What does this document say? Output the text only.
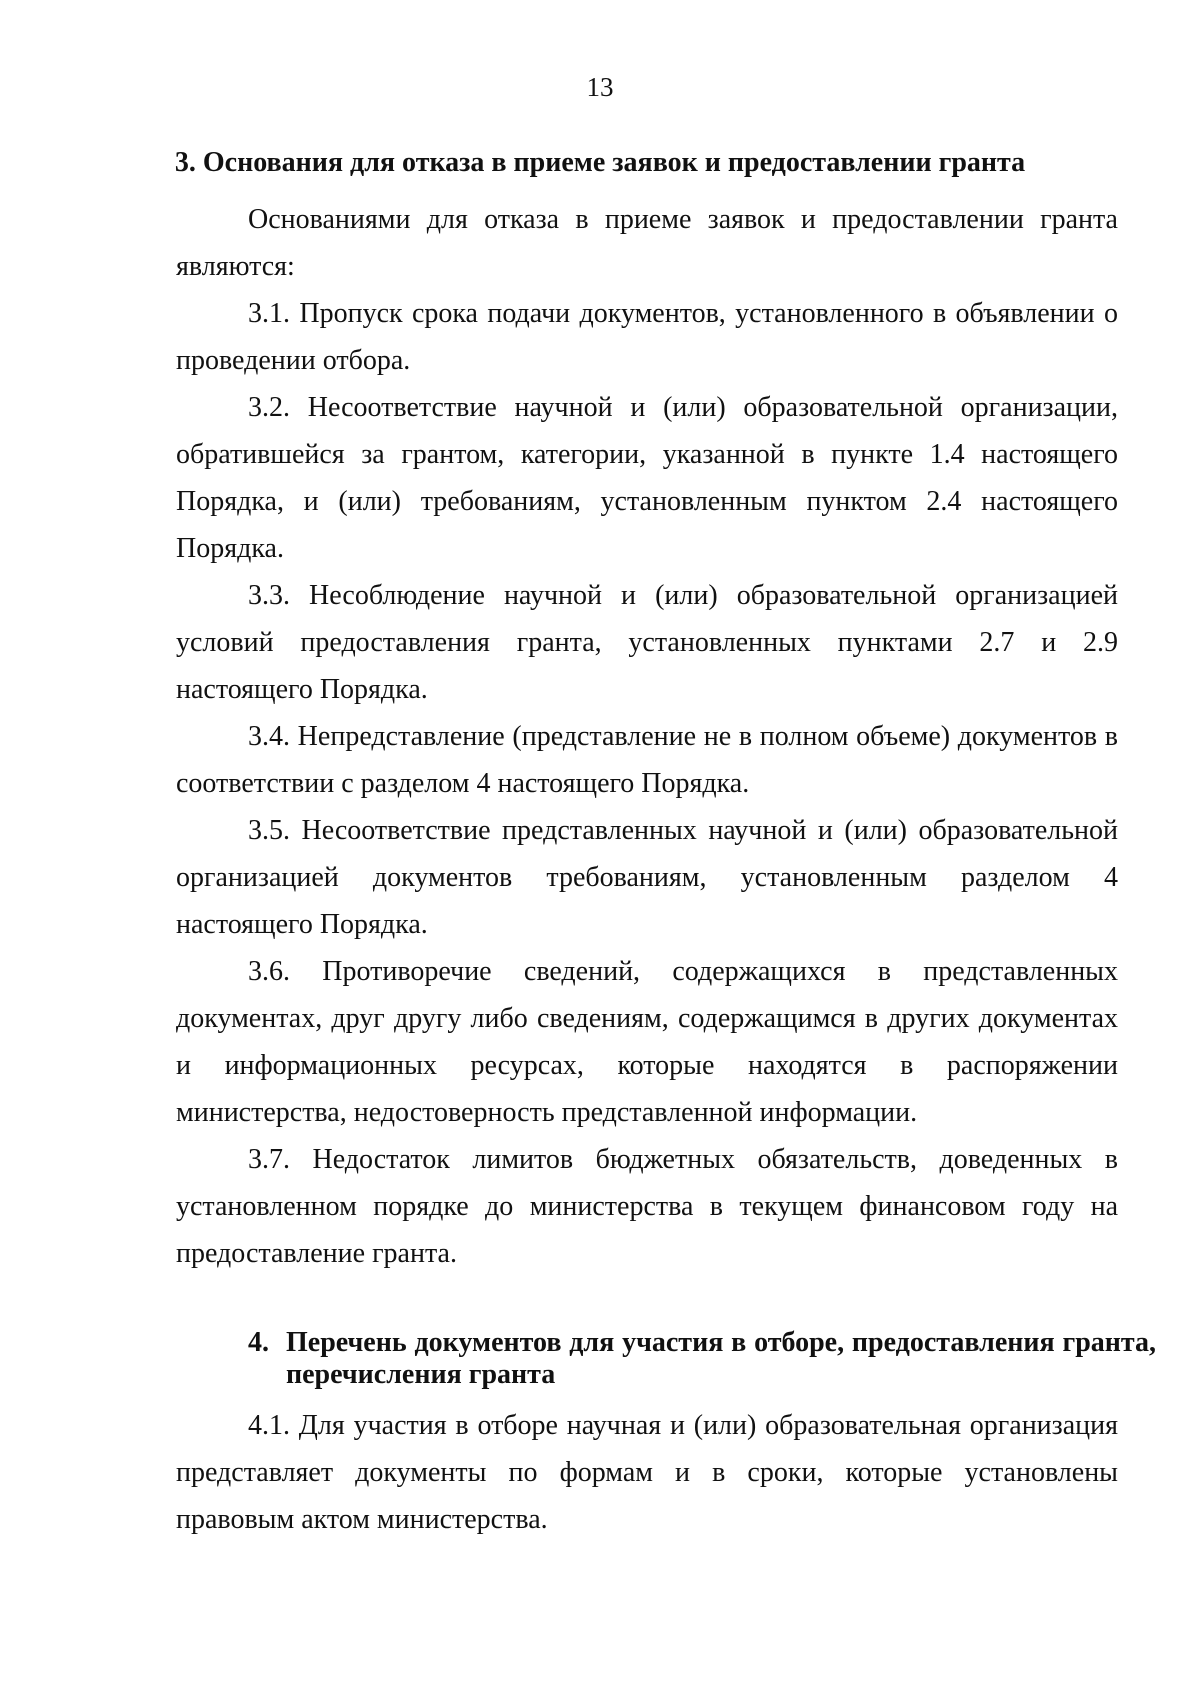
13
3. Основания для отказа в приеме заявок и предоставлении гранта

Основаниями для отказа в приеме заявок и предоставлении гранта являются:

3.1. Пропуск срока подачи документов, установленного в объявлении о проведении отбора.

3.2. Несоответствие научной и (или) образовательной организации, обратившейся за грантом, категории, указанной в пункте 1.4 настоящего Порядка, и (или) требованиям, установленным пунктом 2.4 настоящего Порядка.

3.3. Несоблюдение научной и (или) образовательной организацией условий предоставления гранта, установленных пунктами 2.7 и 2.9 настоящего Порядка.

3.4. Непредставление (представление не в полном объеме) документов в соответствии с разделом 4 настоящего Порядка.

3.5. Несоответствие представленных научной и (или) образовательной организацией документов требованиям, установленным разделом 4 настоящего Порядка.

3.6. Противоречие сведений, содержащихся в представленных документах, друг другу либо сведениям, содержащимся в других документах и информационных ресурсах, которые находятся в распоряжении министерства, недостоверность представленной информации.

3.7. Недостаток лимитов бюджетных обязательств, доведенных в установленном порядке до министерства в текущем финансовом году на предоставление гранта.

4. Перечень документов для участия в отборе, предоставления гранта, перечисления гранта

4.1. Для участия в отборе научная и (или) образовательная организация представляет документы по формам и в сроки, которые установлены правовым актом министерства.
